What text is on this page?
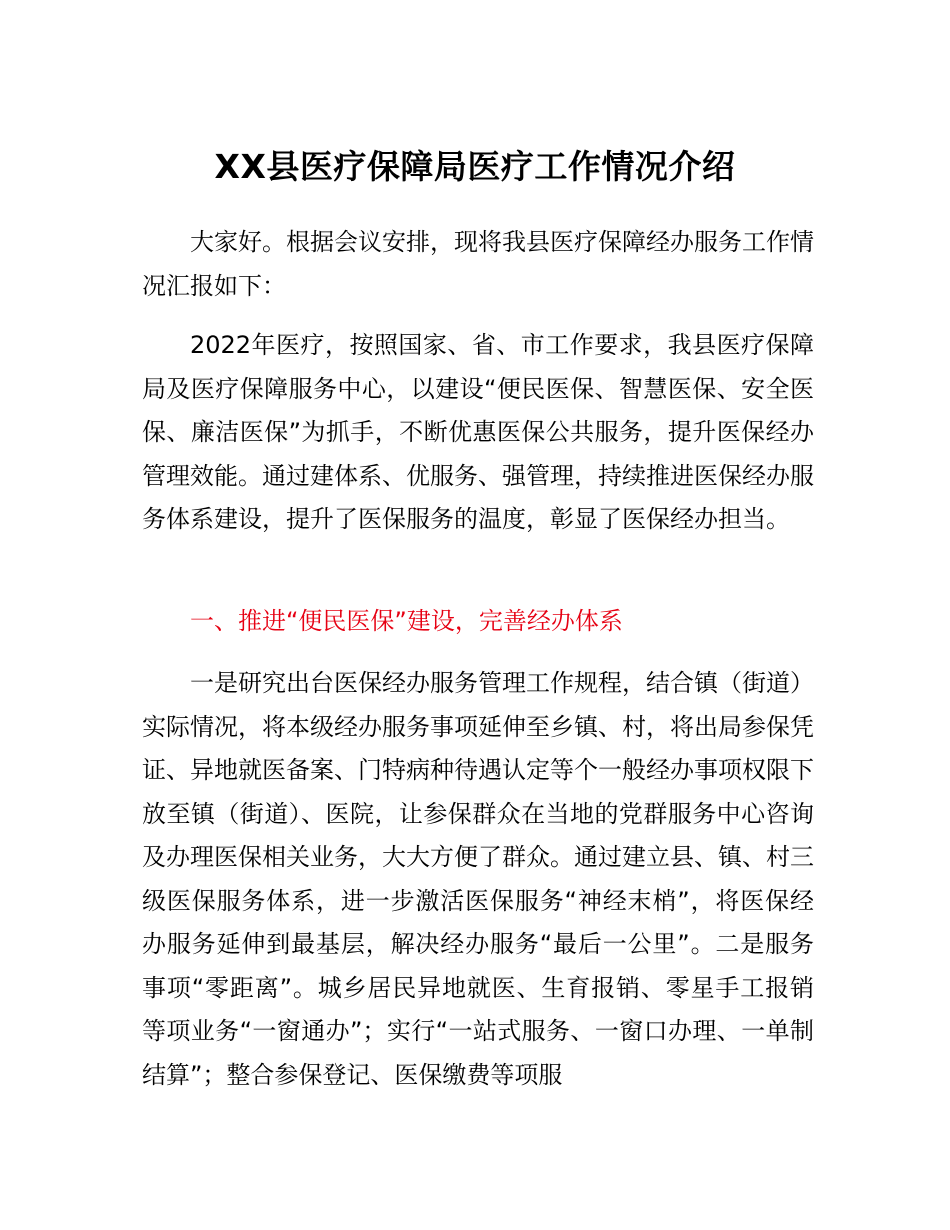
XX县医疗保障局医疗工作情况介绍

大家好。根据会议安排，现将我县医疗保障经办服务工作情况汇报如下：

2022年医疗，按照国家、省、市工作要求，我县医疗保障局及医疗保障服务中心，以建设“便民医保、智慧医保、安全医保、廉洁医保”为抓手，不断优惠医保公共服务，提升医保经办管理效能。通过建体系、优服务、强管理，持续推进医保经办服务体系建设，提升了医保服务的温度，彰显了医保经办担当。

一、推进“便民医保”建设，完善经办体系

一是研究出台医保经办服务管理工作规程，结合镇（街道）实际情况，将本级经办服务事项延伸至乡镇、村，将出局参保凭证、异地就医备案、门特病种待遇认定等个一般经办事项权限下放至镇（街道）、医院，让参保群众在当地的党群服务中心咨询及办理医保相关业务，大大方便了群众。通过建立县、镇、村三级医保服务体系，进一步激活医保服务“神经末梢”，将医保经办服务延伸到最基层，解决经办服务“最后一公里”。二是服务事项“零距离”。城乡居民异地就医、生育报销、零星手工报销等项业务“一窗通办”；实行“一站式服务、一窗口办理、一单制结算”；整合参保登记、医保缴费等项服
